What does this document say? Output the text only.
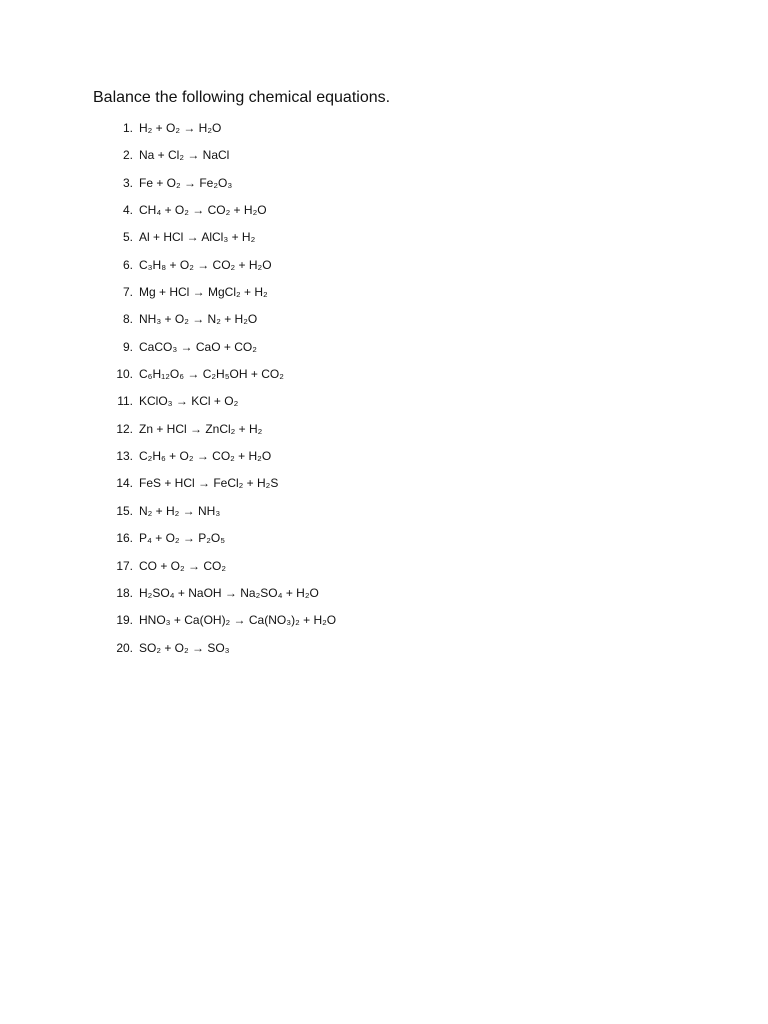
Balance the following chemical equations.
1. H₂ + O₂ → H₂O
2. Na + Cl₂ → NaCl
3. Fe + O₂ → Fe₂O₃
4. CH₄ + O₂ → CO₂ + H₂O
5. Al + HCl → AlCl₃ + H₂
6. C₃H₈ + O₂ → CO₂ + H₂O
7. Mg + HCl → MgCl₂ + H₂
8. NH₃ + O₂ → N₂ + H₂O
9. CaCO₃ → CaO + CO₂
10. C₆H₁₂O₆ → C₂H₅OH + CO₂
11. KClO₃ → KCl + O₂
12. Zn + HCl → ZnCl₂ + H₂
13. C₂H₆ + O₂ → CO₂ + H₂O
14. FeS + HCl → FeCl₂ + H₂S
15. N₂ + H₂ → NH₃
16. P₄ + O₂ → P₂O₅
17. CO + O₂ → CO₂
18. H₂SO₄ + NaOH → Na₂SO₄ + H₂O
19. HNO₃ + Ca(OH)₂ → Ca(NO₃)₂ + H₂O
20. SO₂ + O₂ → SO₃
